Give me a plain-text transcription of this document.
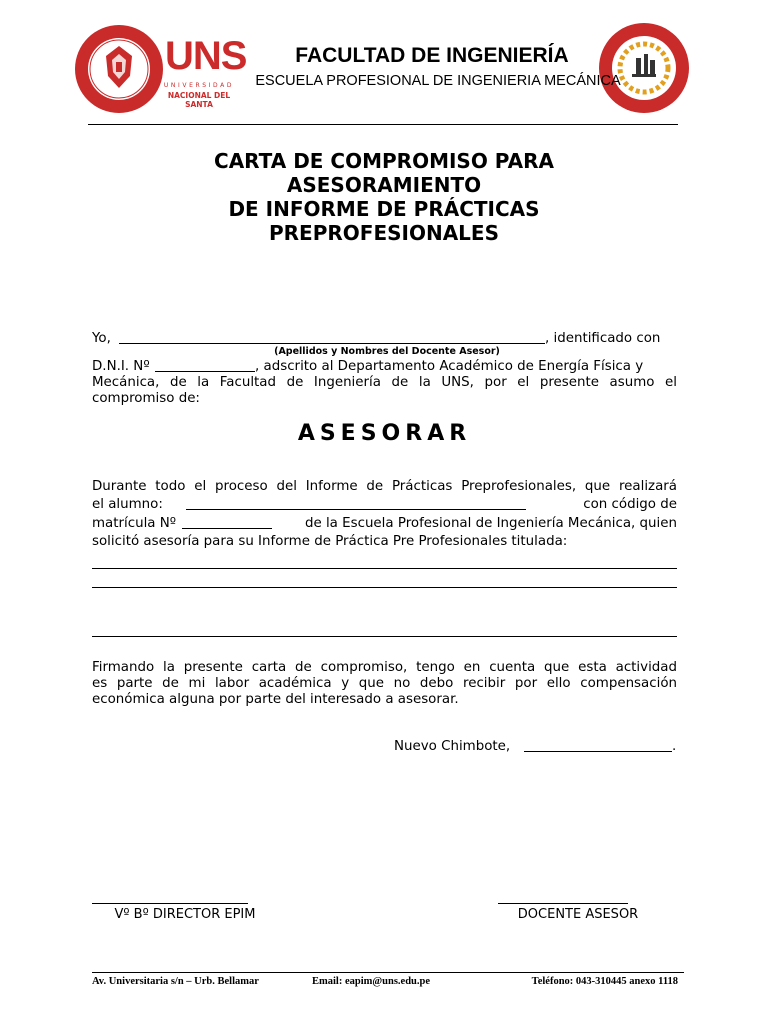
UNS
UNIVERSIDAD
NACIONAL DEL SANTA
FACULTAD DE INGENIERÍA
ESCUELA PROFESIONAL DE INGENIERIA MECÁNICA
CARTA DE COMPROMISO PARA
ASESORAMIENTO
DE INFORME DE PRÁCTICAS
PREPROFESIONALES
Yo,	, identificado con
(Apellidos y Nombres del Docente Asesor)
D.N.I. Nº	, adscrito al Departamento Académico de Energía Física y
Mecánica, de la Facultad de Ingeniería de la UNS, por el presente asumo el
compromiso de:
ASESORAR
Durante todo el proceso del Informe de Prácticas Preprofesionales, que realizará
el alumno:	con código de
matrícula Nº	de la Escuela Profesional de Ingeniería Mecánica, quien
solicitó asesoría para su Informe de Práctica Pre Profesionales titulada:
Firmando la presente carta de compromiso, tengo en cuenta que esta actividad
es parte de mi labor académica y que no debo recibir por ello compensación
económica alguna por parte del interesado a asesorar.
Nuevo Chimbote,	.
Vº Bº DIRECTOR EPIM	DOCENTE ASESOR
Av. Universitaria s/n – Urb. Bellamar	Email: eapim@uns.edu.pe	Teléfono: 043-310445 anexo 1118
